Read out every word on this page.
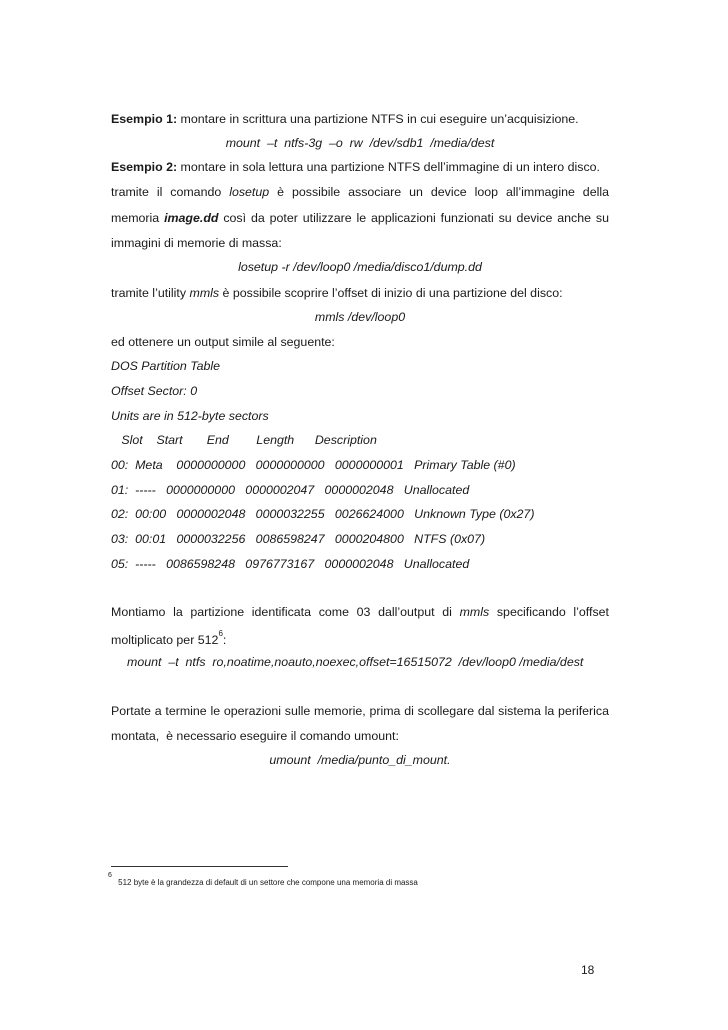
Esempio 1: montare in scrittura una partizione NTFS in cui eseguire un’acquisizione.
mount  –t  ntfs-3g  –o  rw  /dev/sdb1  /media/dest
Esempio 2: montare in sola lettura una partizione NTFS dell’immagine di un intero disco.
tramite il comando losetup è possibile associare un device loop all’immagine della
memoria image.dd così da poter utilizzare le applicazioni funzionati su device anche su
immagini di memorie di massa:
losetup -r /dev/loop0 /media/disco1/dump.dd
tramite l’utility mmls è possibile scoprire l’offset di inizio di una partizione del disco:
mmls /dev/loop0
ed ottenere un output simile al seguente:
DOS Partition Table
Offset Sector: 0
Units are in 512-byte sectors
Slot    Start       End        Length      Description
00:  Meta    0000000000   0000000000   0000000001   Primary Table (#0)
01:  -----   0000000000   0000002047   0000002048   Unallocated
02:  00:00   0000002048   0000032255   0026624000   Unknown Type (0x27)
03:  00:01   0000032256   0086598247   0000204800   NTFS (0x07)
05:  -----   0086598248   0976773167   0000002048   Unallocated
Montiamo la partizione identificata come 03 dall’output di mmls specificando l’offset
moltiplicato per 512$^6$:
mount  –t  ntfs  ro,noatime,noauto,noexec,offset=16515072  /dev/loop0 /media/dest
Portate a termine le operazioni sulle memorie, prima di scollegare dal sistema la periferica
montata,  è necessario eseguire il comando umount:
umount  /media/punto_di_mount.
$^6$ 512 byte è la grandezza di default di un settore che compone una memoria di massa
18
